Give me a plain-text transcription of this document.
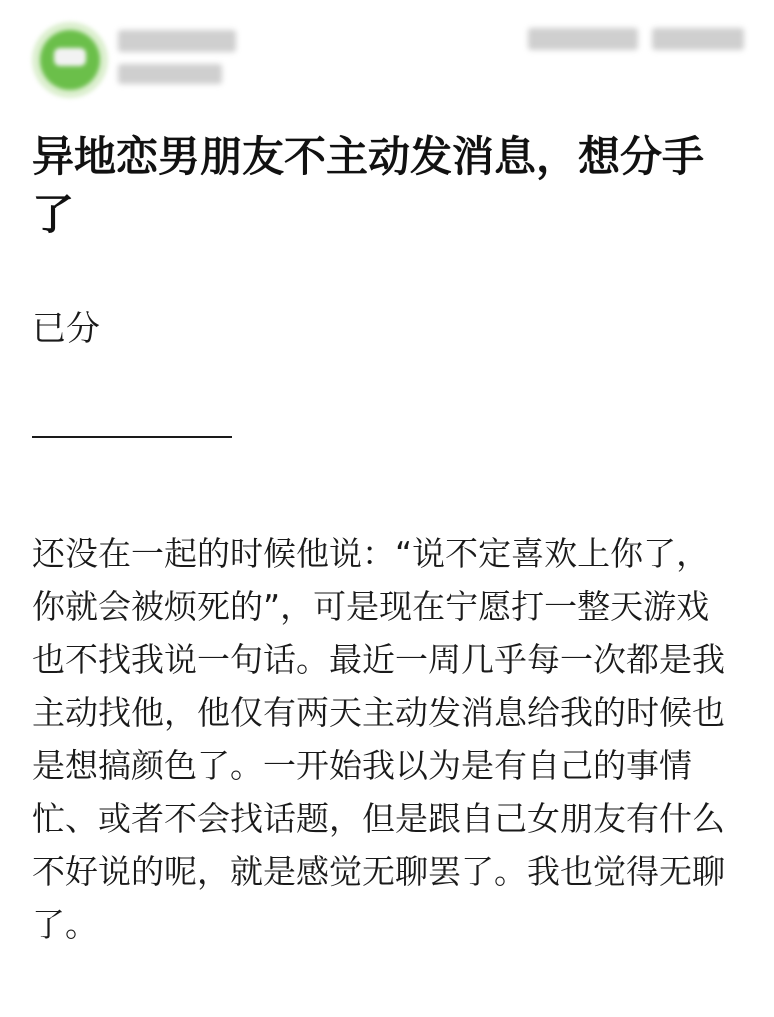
异地恋男朋友不主动发消息，想分手了

已分

还没在一起的时候他说：“说不定喜欢上你了，你就会被烦死的”，可是现在宁愿打一整天游戏也不找我说一句话。最近一周几乎每一次都是我主动找他，他仅有两天主动发消息给我的时候也是想搞颜色了。一开始我以为是有自己的事情忙、或者不会找话题，但是跟自己女朋友有什么不好说的呢，就是感觉无聊罢了。我也觉得无聊了。
